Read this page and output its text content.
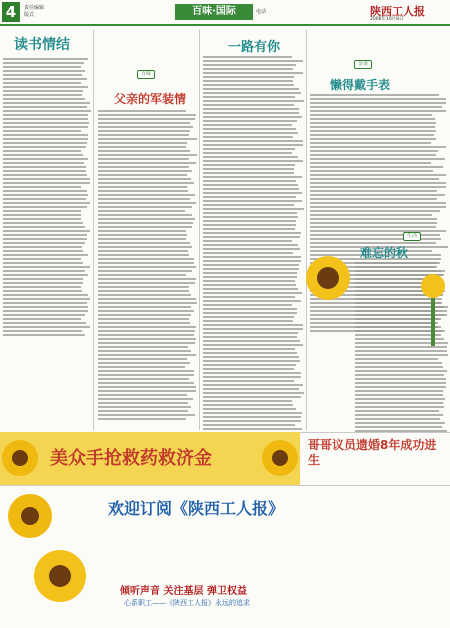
4	责任编辑
版式	百味·国际	电话	陕西工人报
2006年10月8日
读书情结
父亲的军装情
百味
一路有你
懒得戴手表
难忘的秋
生活
杂谈
美众手抢救药救济金
哥哥议员遗婚8年成功进生
欢迎订阅《陕西工人报》
倾听声音 关注基层 弹卫权益
心系职工——《陕西工人报》永远的追求
